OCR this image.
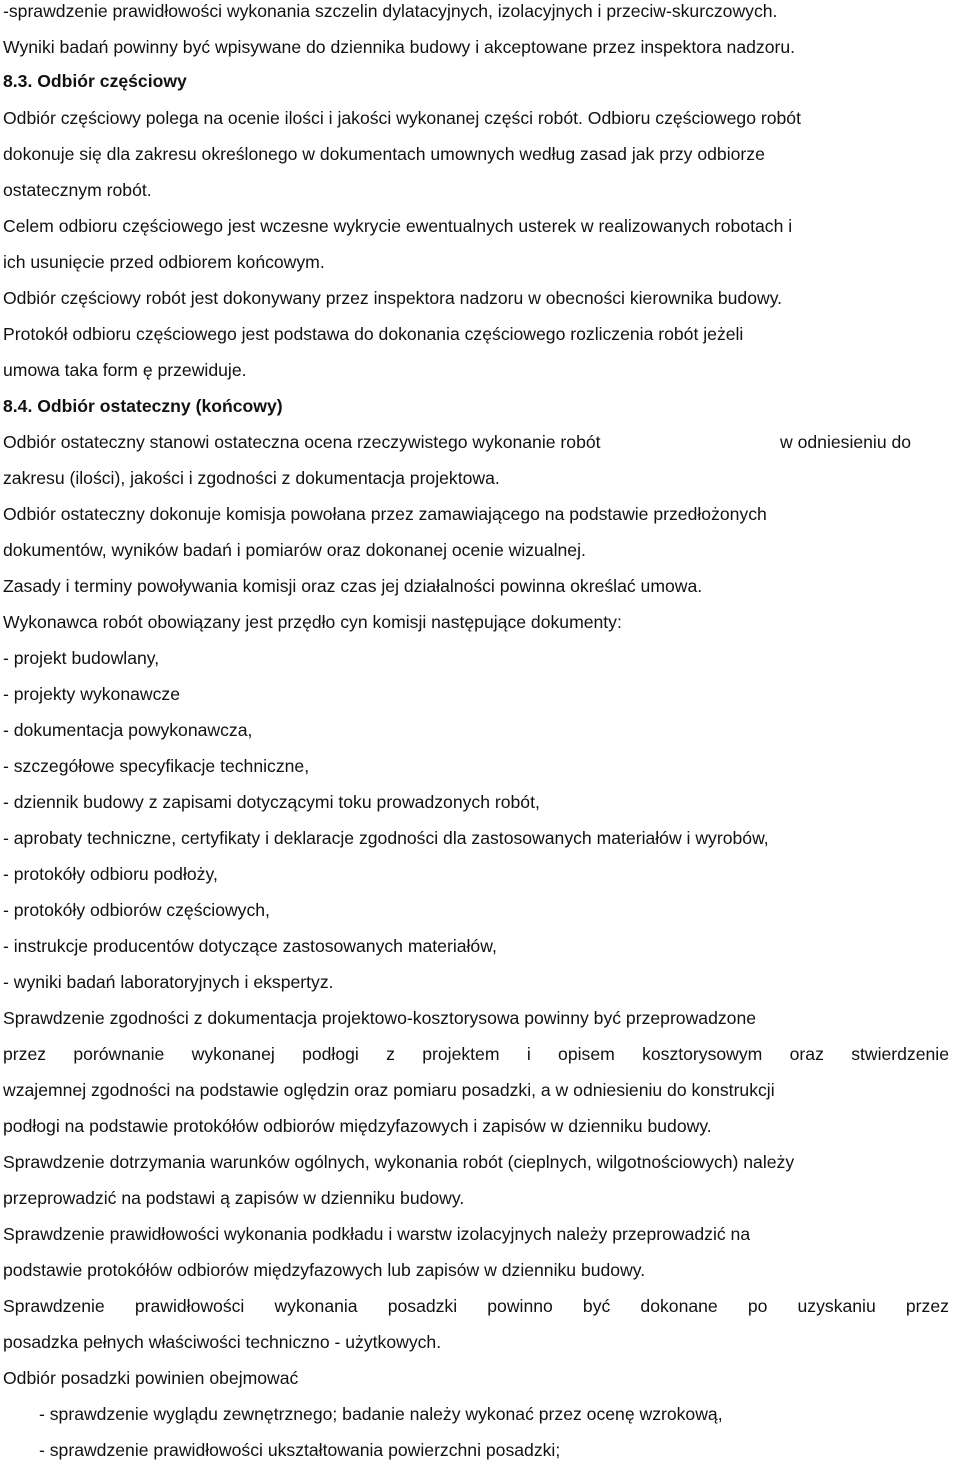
-sprawdzenie prawidłowości wykonania szczelin dylatacyjnych, izolacyjnych i przeciw-skurczowych.
Wyniki badań powinny być wpisywane do dziennika budowy i akceptowane przez inspektora nadzoru.
8.3. Odbiór częściowy
Odbiór częściowy polega na ocenie ilości i jakości wykonanej części robót. Odbioru częściowego robót
dokonuje się dla zakresu określonego w dokumentach umownych według zasad jak przy odbiorze
ostatecznym robót.
Celem odbioru częściowego jest wczesne wykrycie ewentualnych usterek w realizowanych robotach i
ich usunięcie przed odbiorem końcowym.
Odbiór częściowy robót jest dokonywany przez inspektora nadzoru w obecności kierownika budowy.
Protokół odbioru częściowego jest podstawa do dokonania częściowego rozliczenia robót jeżeli
umowa taka form ę przewiduje.
8.4. Odbiór ostateczny (końcowy)
Odbiór ostateczny stanowi ostateczna ocena rzeczywistego wykonanie robót	w odniesieniu do
zakresu (ilości), jakości i zgodności z dokumentacja projektowa.
Odbiór ostateczny dokonuje komisja powołana przez zamawiającego na podstawie przedłożonych
dokumentów, wyników badań i pomiarów oraz dokonanej ocenie wizualnej.
Zasady i terminy powoływania komisji oraz czas jej działalności powinna określać umowa.
Wykonawca robót obowiązany jest przędło cyn komisji następujące dokumenty:
- projekt budowlany,
- projekty wykonawcze
- dokumentacja powykonawcza,
- szczegółowe specyfikacje techniczne,
- dziennik budowy z zapisami dotyczącymi toku prowadzonych robót,
- aprobaty techniczne, certyfikaty i deklaracje zgodności dla zastosowanych materiałów i wyrobów,
- protokóły odbioru podłoży,
- protokóły odbiorów częściowych,
- instrukcje producentów dotyczące zastosowanych materiałów,
- wyniki badań laboratoryjnych i ekspertyz.
Sprawdzenie zgodności z dokumentacja projektowo-kosztorysowa powinny być przeprowadzone
przez porównanie wykonanej podłogi z projektem i opisem kosztorysowym oraz stwierdzenie
wzajemnej zgodności na podstawie oględzin oraz pomiaru posadzki, a w odniesieniu do konstrukcji
podłogi na podstawie protokółów odbiorów międzyfazowych i zapisów w dzienniku budowy.
Sprawdzenie dotrzymania warunków ogólnych, wykonania robót (cieplnych, wilgotnościowych) należy
przeprowadzić na podstawi ą zapisów w dzienniku budowy.
Sprawdzenie prawidłowości wykonania podkładu i warstw izolacyjnych należy przeprowadzić na
podstawie protokółów odbiorów międzyfazowych lub zapisów w dzienniku budowy.
Sprawdzenie prawidłowości wykonania posadzki powinno być dokonane po uzyskaniu przez
posadzka pełnych właściwości techniczno - użytkowych.
Odbiór posadzki powinien obejmować
- sprawdzenie wyglądu zewnętrznego; badanie należy wykonać przez ocenę wzrokową,
- sprawdzenie prawidłowości ukształtowania powierzchni posadzki;
